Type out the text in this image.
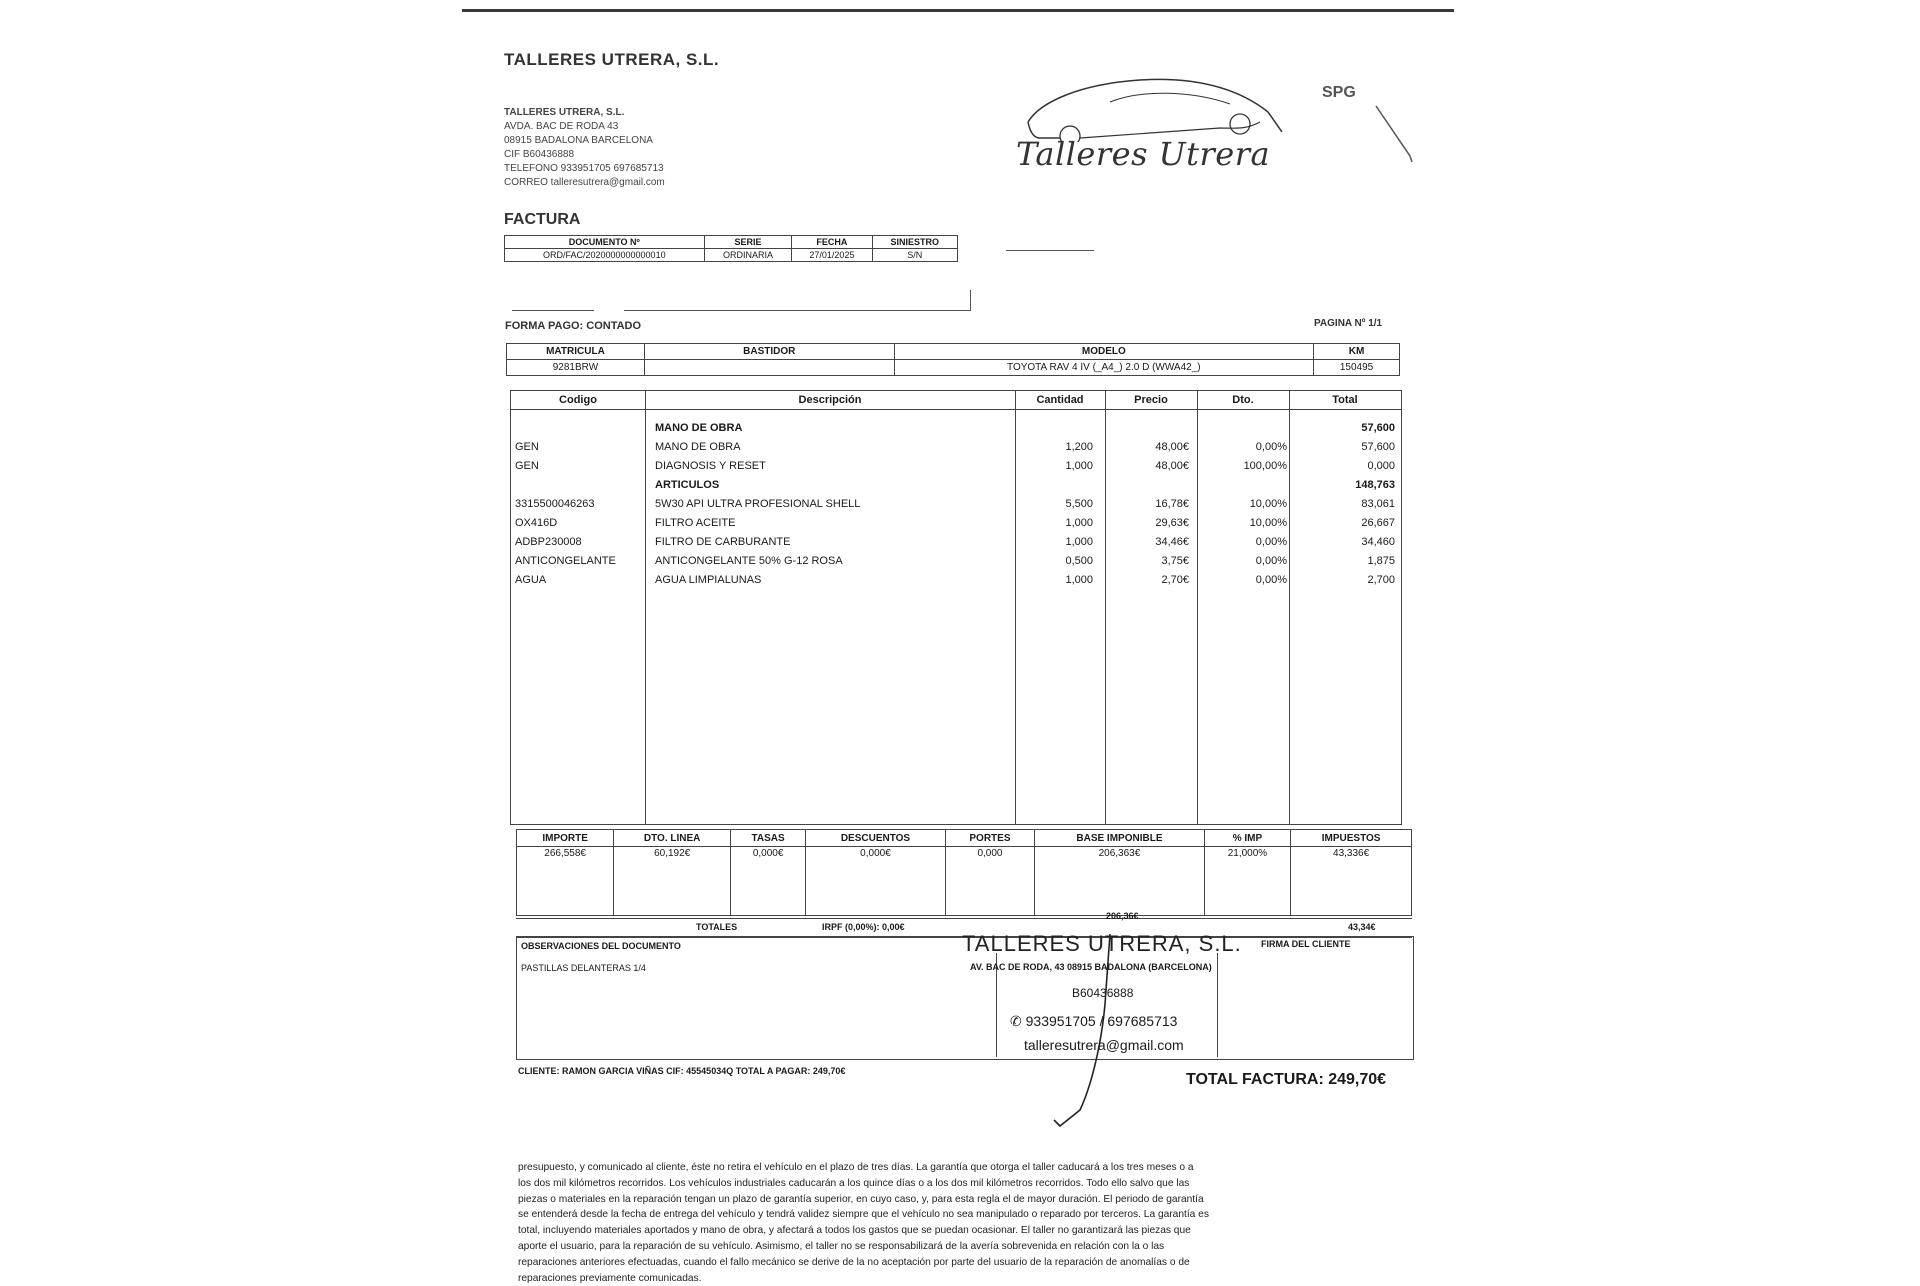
TALLERES UTRERA, S.L.
TALLERES UTRERA, S.L.
AVDA. BAC DE RODA 43
08915 BADALONA BARCELONA
CIF B60436888
TELEFONO 933951705 697685713
CORREO talleresutrera@gmail.com
Talleres Utrera
SPG
FACTURA
DOCUMENTO Nº	SERIE	FECHA	SINIESTRO
ORD/FAC/2020000000000010	ORDINARIA	27/01/2025	S/N
FORMA PAGO: CONTADO	PAGINA Nº 1/1
MATRICULA	BASTIDOR	MODELO	KM
9281BRW		TOYOTA RAV 4 IV (_A4_) 2.0 D (WWA42_)	150495
Codigo	Descripción	Cantidad	Precio	Dto.	Total
MANO DE OBRA	57,600
GEN	MANO DE OBRA	1,200	48,00€	0,00%	57,600
GEN	DIAGNOSIS Y RESET	1,000	48,00€	100,00%	0,000
ARTICULOS	148,763
3315500046263	5W30 API ULTRA PROFESIONAL SHELL	5,500	16,78€	10,00%	83,061
OX416D	FILTRO ACEITE	1,000	29,63€	10,00%	26,667
ADBP230008	FILTRO DE CARBURANTE	1,000	34,46€	0,00%	34,460
ANTICONGELANTE	ANTICONGELANTE 50% G-12 ROSA	0,500	3,75€	0,00%	1,875
AGUA	AGUA LIMPIALUNAS	1,000	2,70€	0,00%	2,700
IMPORTE	DTO. LINEA	TASAS	DESCUENTOS	PORTES	BASE IMPONIBLE	% IMP	IMPUESTOS
266,558€	60,192€	0,000€	0,000€	0,000	206,363€	21,000%	43,336€
TOTALES	IRPF (0,00%): 0,00€
206,36€
43,34€
OBSERVACIONES DEL DOCUMENTO
PASTILLAS DELANTERAS 1/4
FIRMA DEL CLIENTE
TALLERES UTRERA, S.L.
AV. BAC DE RODA, 43 08915 BADALONA (BARCELONA)
B60436888
✆ 933951705 / 697685713
talleresutrera@gmail.com
CLIENTE: RAMON GARCIA VIÑAS CIF: 45545034Q TOTAL A PAGAR: 249,70€	TOTAL FACTURA: 249,70€
presupuesto, y comunicado al cliente, éste no retira el vehículo en el plazo de tres días. La garantía que otorga el taller caducará a los tres meses o a
los dos mil kilómetros recorridos. Los vehículos industriales caducarán a los quince días o a los dos mil kilómetros recorridos. Todo ello salvo que las
piezas o materiales en la reparación tengan un plazo de garantía superior, en cuyo caso, y, para esta regla el de mayor duración. El periodo de garantía
se entenderá desde la fecha de entrega del vehículo y tendrá validez siempre que el vehículo no sea manipulado o reparado por terceros. La garantía es
total, incluyendo materiales aportados y mano de obra, y afectará a todos los gastos que se puedan ocasionar. El taller no garantizará las piezas que
aporte el usuario, para la reparación de su vehículo. Asimismo, el taller no se responsabilizará de la avería sobrevenida en relación con la o las
reparaciones anteriores efectuadas, cuando el fallo mecánico se derive de la no aceptación por parte del usuario de la reparación de anomalías o de
reparaciones previamente comunicadas.
